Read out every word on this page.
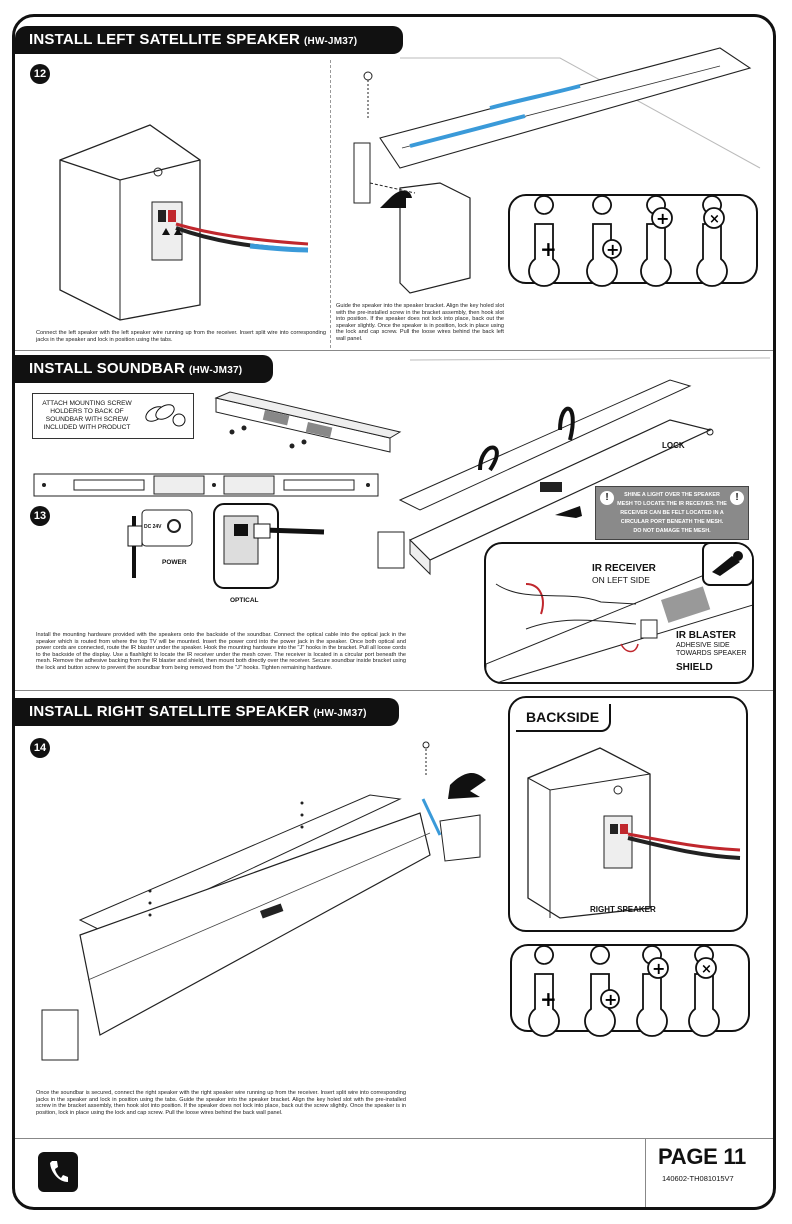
INSTALL LEFT SATELLITE SPEAKER (HW-JM37)
12
Connect the left speaker with the left speaker wire running up from the receiver. Insert split wire into corresponding jacks in the speaker and lock in position using the tabs.
Guide the speaker into the speaker bracket. Align the key holed slot with the pre-installed screw in the bracket assembly, then hook slot into position. If the speaker does not lock into place, back out the speaker slightly. Once the speaker is in position, lock in place using the lock and cap screw. Pull the loose wires behind the back left wall panel.
+	+
+	×
INSTALL SOUNDBAR (HW-JM37)
ATTACH MOUNTING SCREW HOLDERS TO BACK OF SOUNDBAR WITH SCREW INCLUDED WITH PRODUCT
13
DC 24V
POWER
OPTICAL
LOCK
SHINE A LIGHT OVER THE SPEAKER MESH TO LOCATE THE IR RECEIVER. THE RECEIVER CAN BE FELT LOCATED IN A CIRCULAR PORT BENEATH THE MESH. DO NOT DAMAGE THE MESH.
!	!
IR RECEIVER
ON LEFT SIDE
IR BLASTER
ADHESIVE SIDE
TOWARDS SPEAKER
SHIELD
Install the mounting hardware provided with the speakers onto the backside of the soundbar. Connect the optical cable into the optical jack in the speaker which is routed from where the top TV will be mounted. Insert the power cord into the power jack in the speaker. Once both optical and power cords are connected, route the IR blaster under the speaker. Hook the mounting hardware into the "J" hooks in the bracket. Pull all loose cords to the backside of the display. Use a flashlight to locate the IR receiver under the mesh cover. The receiver is located in a circular port beneath the mesh. Remove the adhesive backing from the IR blaster and shield, then mount both directly over the receiver. Secure soundbar inside bracket using the lock and button screw to prevent the soundbar from being removed from the "J" hooks. Tighten remaining hardware.
INSTALL RIGHT SATELLITE SPEAKER (HW-JM37)
14
BACKSIDE
RIGHT SPEAKER
+	+
+	×
Once the soundbar is secured, connect the right speaker with the right speaker wire running up from the receiver. Insert split wire into corresponding jacks in the speaker and lock in position using the tabs. Guide the speaker into the speaker bracket. Align the key holed slot with the pre-installed screw in the bracket assembly, then hook slot into position. If the speaker does not lock into place, back out the screw slightly. Once the speaker is in position, lock in place using the lock and cap screw. Pull the loose wires behind the back wall panel.
PAGE 11
140602-TH081015V7
